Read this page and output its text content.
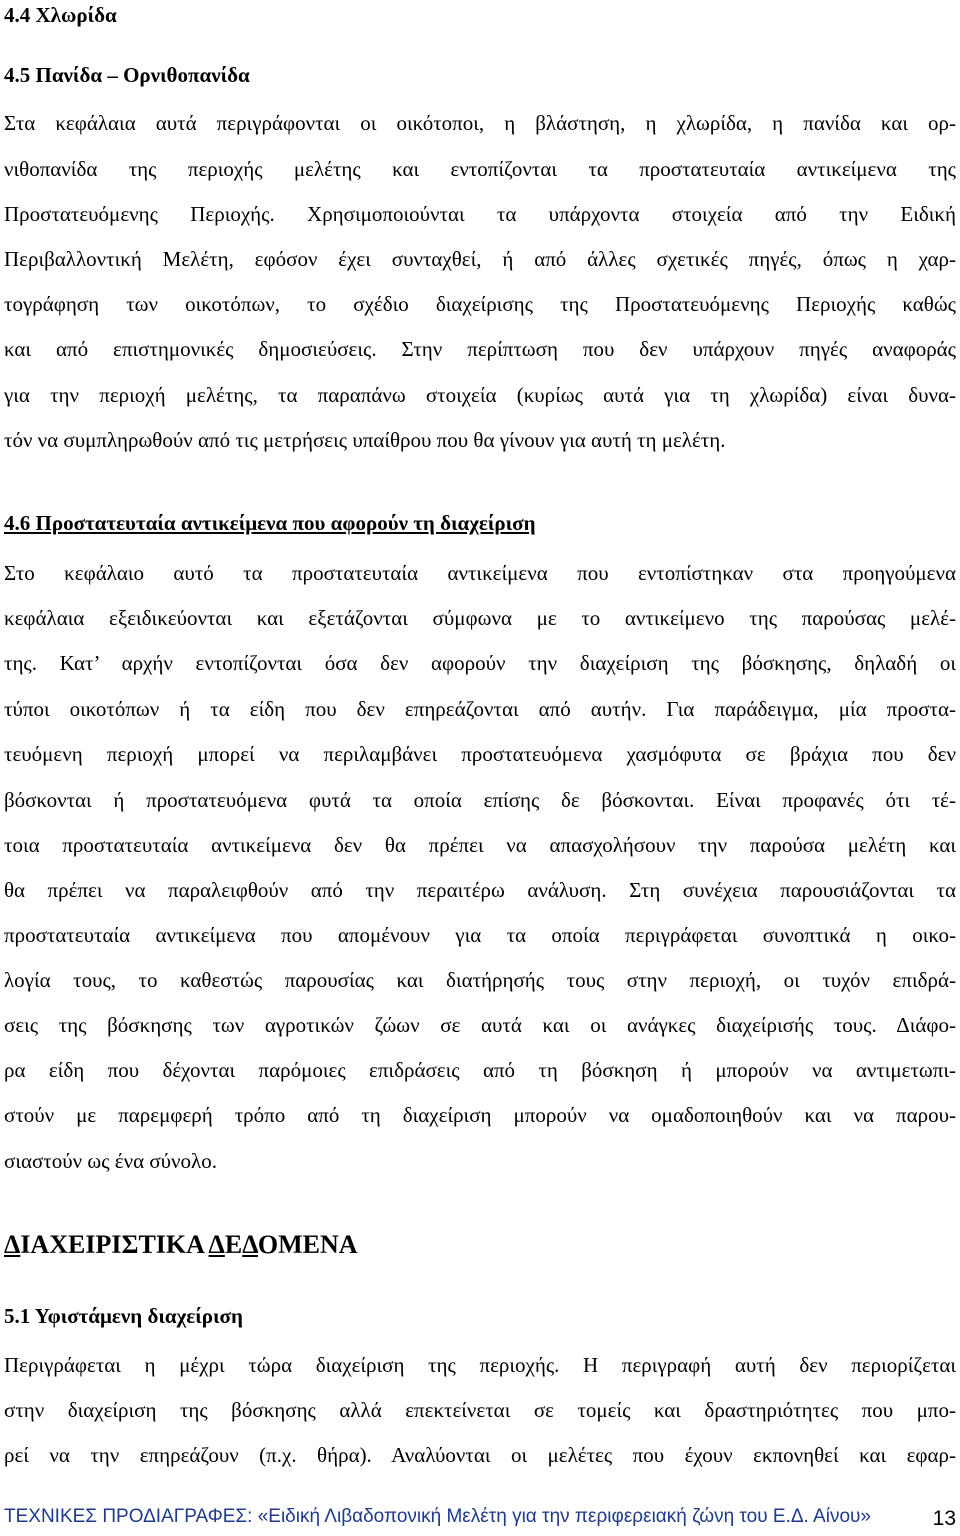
4.4 Χλωρίδα
4.5 Πανίδα – Ορνιθοπανίδα
Στα κεφάλαια αυτά περιγράφονται οι οικότοποι, η βλάστηση, η χλωρίδα, η πανίδα και ορ-
νιθοπανίδα της περιοχής μελέτης και εντοπίζονται τα προστατευταία αντικείμενα της
Προστατευόμενης Περιοχής. Χρησιμοποιούνται τα υπάρχοντα στοιχεία από την Ειδική
Περιβαλλοντική Μελέτη, εφόσον έχει συνταχθεί, ή από άλλες σχετικές πηγές, όπως η χαρ-
τογράφηση των οικοτόπων, το σχέδιο διαχείρισης της Προστατευόμενης Περιοχής καθώς
και από επιστημονικές δημοσιεύσεις. Στην περίπτωση που δεν υπάρχουν πηγές αναφοράς
για την περιοχή μελέτης, τα παραπάνω στοιχεία (κυρίως αυτά για τη χλωρίδα) είναι δυνα-
τόν να συμπληρωθούν από τις μετρήσεις υπαίθρου που θα γίνουν για αυτή τη μελέτη.
4.6 Προστατευταία αντικείμενα που αφορούν τη διαχείριση
Στο κεφάλαιο αυτό τα προστατευταία αντικείμενα που εντοπίστηκαν στα προηγούμενα
κεφάλαια εξειδικεύονται και εξετάζονται σύμφωνα με το αντικείμενο της παρούσας μελέ-
της. Κατ’ αρχήν εντοπίζονται όσα δεν αφορούν την διαχείριση της βόσκησης, δηλαδή οι
τύποι οικοτόπων ή τα είδη που δεν επηρεάζονται από αυτήν. Για παράδειγμα, μία προστα-
τευόμενη περιοχή μπορεί να περιλαμβάνει προστατευόμενα χασμόφυτα σε βράχια που δεν
βόσκονται ή προστατευόμενα φυτά τα οποία επίσης δε βόσκονται. Είναι προφανές ότι τέ-
τοια προστατευταία αντικείμενα δεν θα πρέπει να απασχολήσουν την παρούσα μελέτη και
θα πρέπει να παραλειφθούν από την περαιτέρω ανάλυση. Στη συνέχεια παρουσιάζονται τα
προστατευταία αντικείμενα που απομένουν για τα οποία περιγράφεται συνοπτικά η οικο-
λογία τους, το καθεστώς παρουσίας και διατήρησής τους στην περιοχή, οι τυχόν επιδρά-
σεις της βόσκησης των αγροτικών ζώων σε αυτά και οι ανάγκες διαχείρισής τους. Διάφο-
ρα είδη που δέχονται παρόμοιες επιδράσεις από τη βόσκηση ή μπορούν να αντιμετωπι-
στούν με παρεμφερή τρόπο από τη διαχείριση μπορούν να ομαδοποιηθούν και να παρου-
σιαστούν ως ένα σύνολο.
ΔΙΑΧΕΙΡΙΣΤΙΚΑ ΔΕΔΟΜΕΝΑ
5.1 Υφιστάμενη διαχείριση
Περιγράφεται η μέχρι τώρα διαχείριση της περιοχής. Η περιγραφή αυτή δεν περιορίζεται
στην διαχείριση της βόσκησης αλλά επεκτείνεται σε τομείς και δραστηριότητες που μπο-
ρεί να την επηρεάζουν (π.χ. θήρα). Αναλύονται οι μελέτες που έχουν εκπονηθεί και εφαρ-
ΤΕΧΝΙΚΕΣ ΠΡΟΔΙΑΓΡΑΦΕΣ: «Ειδική Λιβαδοπονική Μελέτη για την περιφερειακή ζώνη του Ε.Δ. Αίνου»	13
